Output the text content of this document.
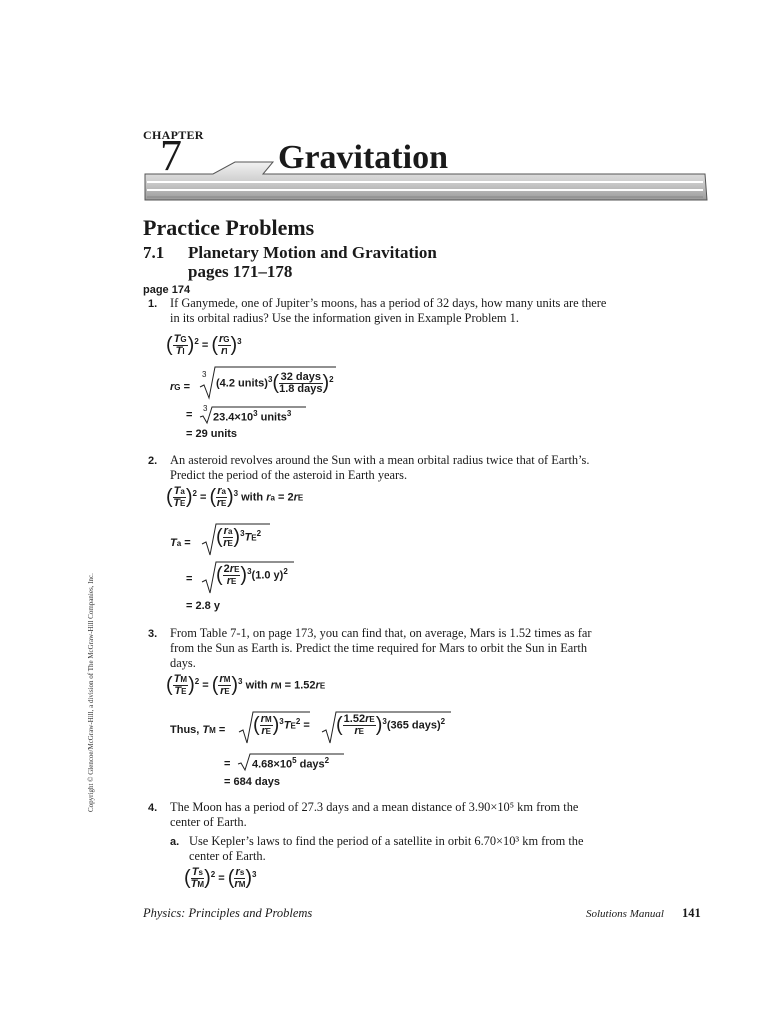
CHAPTER
7	Gravitation
Practice Problems
7.1 Planetary Motion and Gravitation
pages 171–178
page 174
1. If Ganymede, one of Jupiter’s moons, has a period of 32 days, how many units are there in its orbital radius? Use the information given in Example Problem 1.
( $\frac{TG}{TI} )^2$ = ( $\frac{rG}{rI} )^3$
rG =
3
(4.2 units)$^3$( 32 days
1.8 days )$^2$
=
3
$23.4\times 10^3$ units$^3$
= 29 units
2. An asteroid revolves around the Sun with a mean orbital radius twice that of Earth’s. Predict the period of the asteroid in Earth years.
( $\frac{Ta}{TE} )^2$ = ( $\frac{ra}{rE} )^3$ with ra = 2rE
Ta = ( $\frac{ra}{rE} )^3TE^2$
= ( $\frac{2rE}{rE} )^3(1.0$ y)$^2$
= 2.8 y
3. From Table 7-1, on page 173, you can find that, on average, Mars is 1.52 times as far from the Sun as Earth is. Predict the time required for Mars to orbit the Sun in Earth days.
( $\frac{TM}{TE} )^2$ = ( $\frac{rM}{rE} )^3$ with rM = 1.52rE
Thus, TM = ( $\frac{rM}{rE} )^3TE^2$ = ( $\frac{1.52rE}{rE} )^3(365$ days)$^2$
= $4.68\times 10^5$ days$^2$
= 684 days
4. The Moon has a period of 27.3 days and a mean distance of 3.90×10⁵ km from the center of Earth.
a. Use Kepler’s laws to find the period of a satellite in orbit 6.70×10³ km from the center of Earth.
( $\frac{Ts}{TM} )^2$ = ( $\frac{rs}{rM} )^3$
Copyright © Glencoe/McGraw-Hill, a division of The McGraw-Hill Companies, Inc.
Physics: Principles and Problems	Solutions Manual 141
